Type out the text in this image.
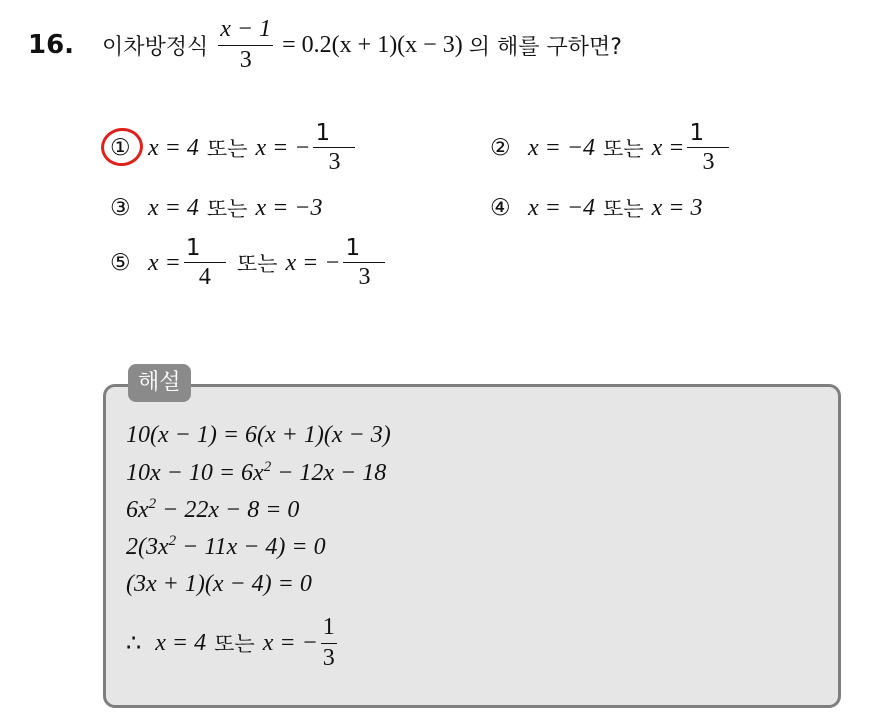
16.	이차방정식 $\frac{x - 1}{3} = 0.2(x + 1)(x - 3)$ 의 해를 구하면?
① x = 4 또는 x = − $\frac{1}{3}$	② x = −4 또는 $x = \frac{1}{3}$
③ x = 4 또는 x = −3	④ x = −4 또는 x = 3
⑤ $x = \frac{1}{4}$ 또는 x = − $\frac{1}{3}$
해설
10(x − 1) = 6(x + 1)(x − 3)
$10x - 10 = 6x^2 - 12x - 18$
$6x^2 - 22x - 8 = 0$
$2(3x^2 - 11x - 4) = 0$
(3x + 1)(x − 4) = 0
∴ x = 4 또는 x = − $\frac{1}{3}$
